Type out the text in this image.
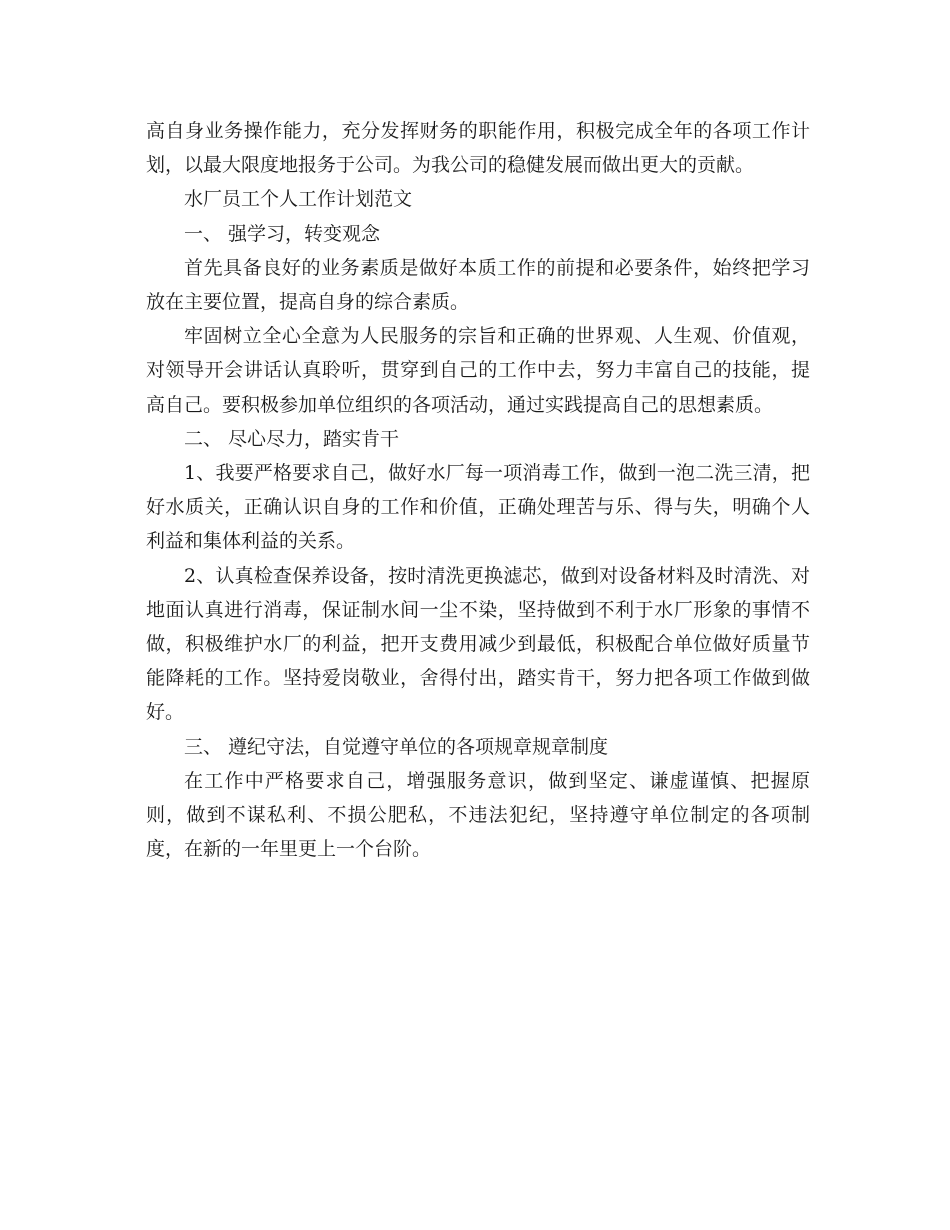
高自身业务操作能力，充分发挥财务的职能作用，积极完成全年的各项工作计划，以最大限度地报务于公司。为我公司的稳健发展而做出更大的贡献。

水厂员工个人工作计划范文

一、 强学习，转变观念

首先具备良好的业务素质是做好本质工作的前提和必要条件，始终把学习放在主要位置，提高自身的综合素质。

牢固树立全心全意为人民服务的宗旨和正确的世界观、人生观、价值观，对领导开会讲话认真聆听，贯穿到自己的工作中去，努力丰富自己的技能，提高自己。要积极参加单位组织的各项活动，通过实践提高自己的思想素质。

二、 尽心尽力，踏实肯干

1、我要严格要求自己，做好水厂每一项消毒工作，做到一泡二洗三清，把好水质关，正确认识自身的工作和价值，正确处理苦与乐、得与失，明确个人利益和集体利益的关系。

2、认真检查保养设备，按时清洗更换滤芯，做到对设备材料及时清洗、对地面认真进行消毒，保证制水间一尘不染，坚持做到不利于水厂形象的事情不做，积极维护水厂的利益，把开支费用减少到最低，积极配合单位做好质量节能降耗的工作。坚持爱岗敬业，舍得付出，踏实肯干，努力把各项工作做到做好。

三、 遵纪守法，自觉遵守单位的各项规章规章制度

在工作中严格要求自己，增强服务意识，做到坚定、谦虚谨慎、把握原则，做到不谋私利、不损公肥私，不违法犯纪，坚持遵守单位制定的各项制度，在新的一年里更上一个台阶。
